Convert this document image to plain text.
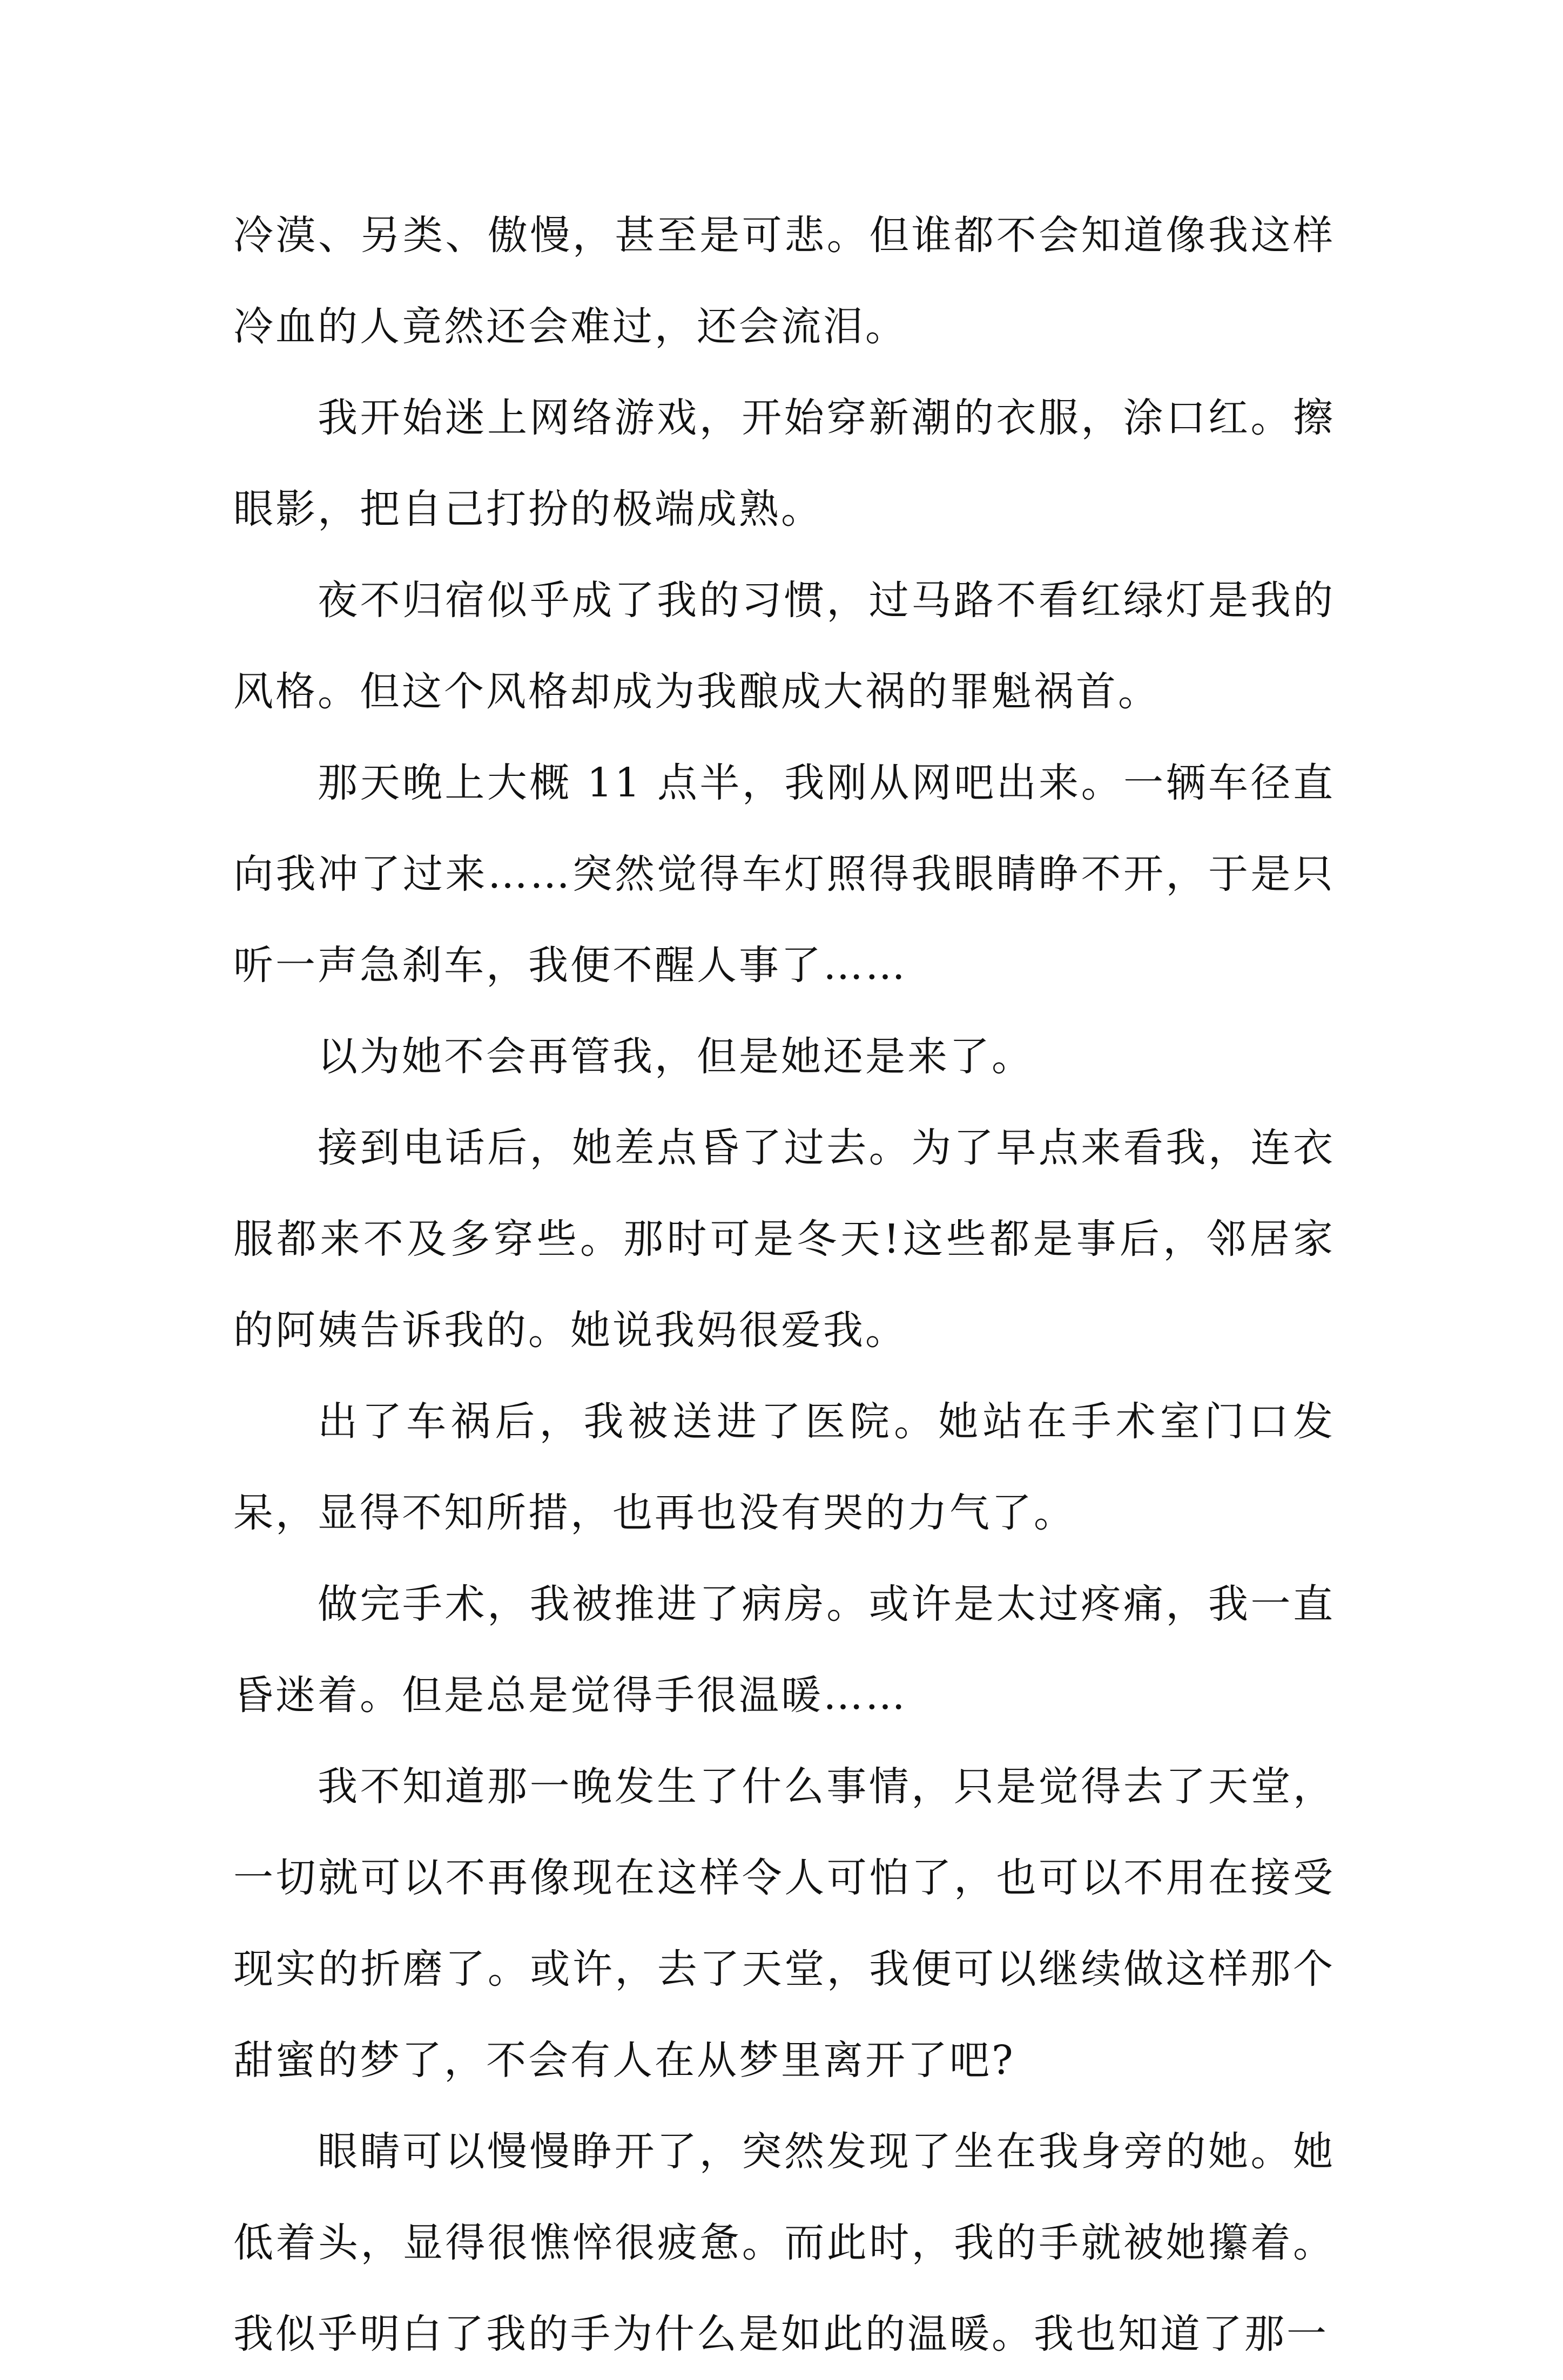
冷漠、另类、傲慢，甚至是可悲。但谁都不会知道像我这样冷血的人竟然还会难过，还会流泪。

我开始迷上网络游戏，开始穿新潮的衣服，涂口红。擦眼影，把自己打扮的极端成熟。

夜不归宿似乎成了我的习惯，过马路不看红绿灯是我的风格。但这个风格却成为我酿成大祸的罪魁祸首。

那天晚上大概 11 点半，我刚从网吧出来。一辆车径直向我冲了过来……突然觉得车灯照得我眼睛睁不开，于是只听一声急刹车，我便不醒人事了……

以为她不会再管我，但是她还是来了。

接到电话后，她差点昏了过去。为了早点来看我，连衣服都来不及多穿些。那时可是冬天!这些都是事后，邻居家的阿姨告诉我的。她说我妈很爱我。

出了车祸后，我被送进了医院。她站在手术室门口发呆，显得不知所措，也再也没有哭的力气了。

做完手术，我被推进了病房。或许是太过疼痛，我一直昏迷着。但是总是觉得手很温暖……

我不知道那一晚发生了什么事情，只是觉得去了天堂，一切就可以不再像现在这样令人可怕了，也可以不用在接受现实的折磨了。或许，去了天堂，我便可以继续做这样那个甜蜜的梦了，不会有人在从梦里离开了吧?

眼睛可以慢慢睁开了，突然发现了坐在我身旁的她。她低着头，显得很憔悴很疲惫。而此时，我的手就被她攥着。我似乎明白了我的手为什么是如此的温暖。我也知道了那一
